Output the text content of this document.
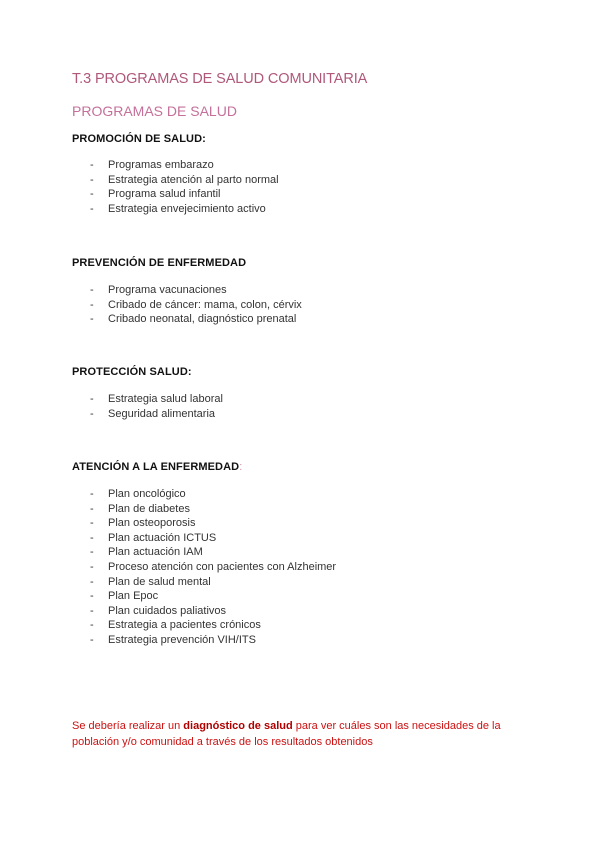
T.3 PROGRAMAS DE SALUD COMUNITARIA
PROGRAMAS DE SALUD
PROMOCIÓN DE SALUD:
- Programas embarazo
- Estrategia atención al parto normal
- Programa salud infantil
- Estrategia envejecimiento activo
PREVENCIÓN DE ENFERMEDAD
- Programa vacunaciones
- Cribado de cáncer: mama, colon, cérvix
- Cribado neonatal, diagnóstico prenatal
PROTECCIÓN SALUD:
- Estrategia salud laboral
- Seguridad alimentaria
ATENCIÓN A LA ENFERMEDAD:
- Plan oncológico
- Plan de diabetes
- Plan osteoporosis
- Plan actuación ICTUS
- Plan actuación IAM
- Proceso atención con pacientes con Alzheimer
- Plan de salud mental
- Plan Epoc
- Plan cuidados paliativos
- Estrategia a pacientes crónicos
- Estrategia prevención VIH/ITS
Se debería realizar un diagnóstico de salud para ver cuáles son las necesidades de la población y/o comunidad a través de los resultados obtenidos
